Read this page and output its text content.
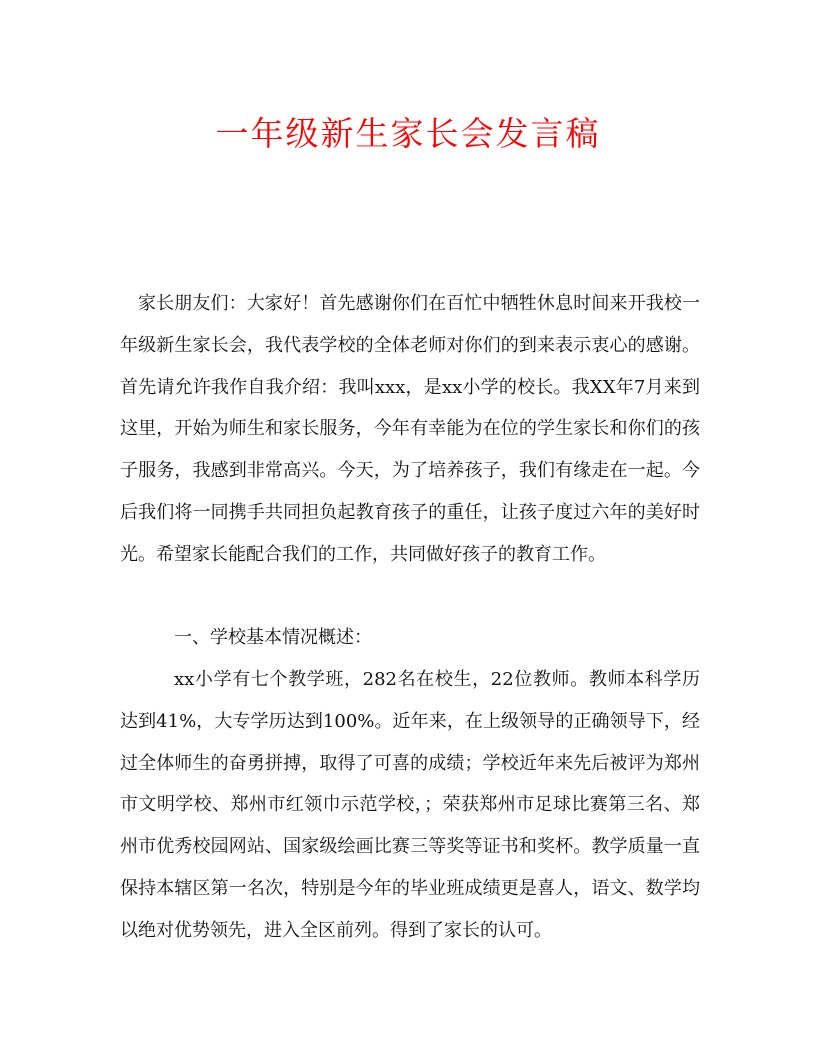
一年级新生家长会发言稿

家长朋友们：大家好！首先感谢你们在百忙中牺牲休息时间来开我校一年级新生家长会，我代表学校的全体老师对你们的到来表示衷心的感谢。首先请允许我作自我介绍：我叫xxx，是xx小学的校长。我XX年7月来到这里，开始为师生和家长服务，今年有幸能为在位的学生家长和你们的孩子服务，我感到非常高兴。今天，为了培养孩子，我们有缘走在一起。今后我们将一同携手共同担负起教育孩子的重任，让孩子度过六年的美好时光。希望家长能配合我们的工作，共同做好孩子的教育工作。

一、学校基本情况概述：

xx小学有七个教学班，282名在校生，22位教师。教师本科学历达到41%，大专学历达到100%。近年来，在上级领导的正确领导下，经过全体师生的奋勇拼搏，取得了可喜的成绩；学校近年来先后被评为郑州市文明学校、郑州市红领巾示范学校，；荣获郑州市足球比赛第三名、郑州市优秀校园网站、国家级绘画比赛三等奖等证书和奖杯。教学质量一直保持本辖区第一名次，特别是今年的毕业班成绩更是喜人，语文、数学均以绝对优势领先，进入全区前列。得到了家长的认可。
